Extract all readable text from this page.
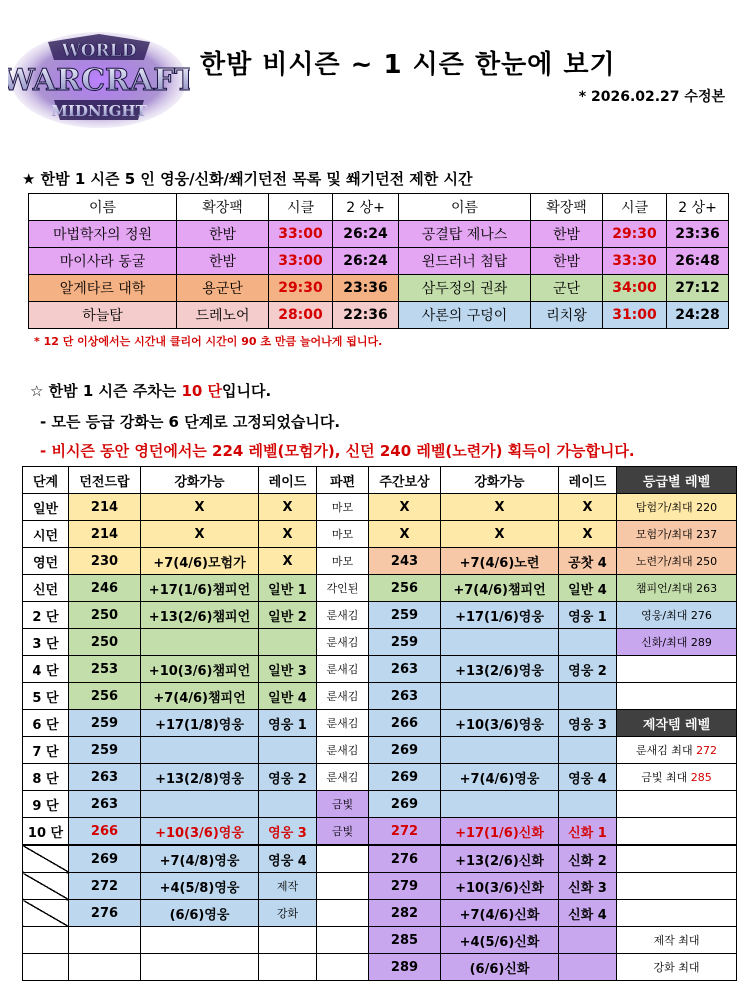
WORLD
WARCRAFT
MIDNIGHT
한밤 비시즌 ~ 1 시즌 한눈에 보기
* 2026.02.27 수정본
★ 한밤 1 시즌 5 인 영웅/신화/쐐기던전 목록 및 쐐기던전 제한 시간
이름	확장팩	시클	2 상+	이름	확장팩	시클	2 상+
마법학자의 정원	한밤	33:00	26:24	공결탑 제나스	한밤	29:30	23:36
마이사라 동굴	한밤	33:00	26:24	윈드러너 첨탑	한밤	33:30	26:48
알게타르 대학	용군단	29:30	23:36	삼두정의 권좌	군단	34:00	27:12
하늘탑	드레노어	28:00	22:36	사론의 구덩이	리치왕	31:00	24:28
* 12 단 이상에서는 시간내 클리어 시간이 90 초 만큼 늘어나게 됩니다.
☆ 한밤 1 시즌 주차는 10 단입니다.
- 모든 등급 강화는 6 단계로 고정되었습니다.
- 비시즌 동안 영던에서는 224 레벨(모험가), 신던 240 레벨(노련가) 획득이 가능합니다.
단계	던전드랍	강화가능	레이드	파편	주간보상	강화가능	레이드	등급별 레벨
일반	214	X	X	마모	X	X	X	탐험가/최대 220
시던	214	X	X	마모	X	X	X	모험가/최대 237
영던	230	+7(4/6)모험가	X	마모	243	+7(4/6)노련	공찻 4	노련가/최대 250
신던	246	+17(1/6)챔피언	일반 1	각인된	256	+7(4/6)챔피언	일반 4	챔피언/최대 263
2 단	250	+13(2/6)챔피언	일반 2	룬새김	259	+17(1/6)영웅	영웅 1	영웅/최대 276
3 단	250			룬새김	259			신화/최대 289
4 단	253	+10(3/6)챔피언	일반 3	룬새김	263	+13(2/6)영웅	영웅 2	
5 단	256	+7(4/6)챔피언	일반 4	룬새김	263			
6 단	259	+17(1/8)영웅	영웅 1	룬새김	266	+10(3/6)영웅	영웅 3	제작템 레벨
7 단	259			룬새김	269			룬새김 최대 272
8 단	263	+13(2/8)영웅	영웅 2	룬새김	269	+7(4/6)영웅	영웅 4	금빛 최대 285
9 단	263			금빛	269			
10 단	266	+10(3/6)영웅	영웅 3	금빛	272	+17(1/6)신화	신화 1	
	269	+7(4/8)영웅	영웅 4		276	+13(2/6)신화	신화 2	
	272	+4(5/8)영웅	제작		279	+10(3/6)신화	신화 3	
	276	(6/6)영웅	강화		282	+7(4/6)신화	신화 4	
					285	+4(5/6)신화		제작 최대
					289	(6/6)신화		강화 최대
